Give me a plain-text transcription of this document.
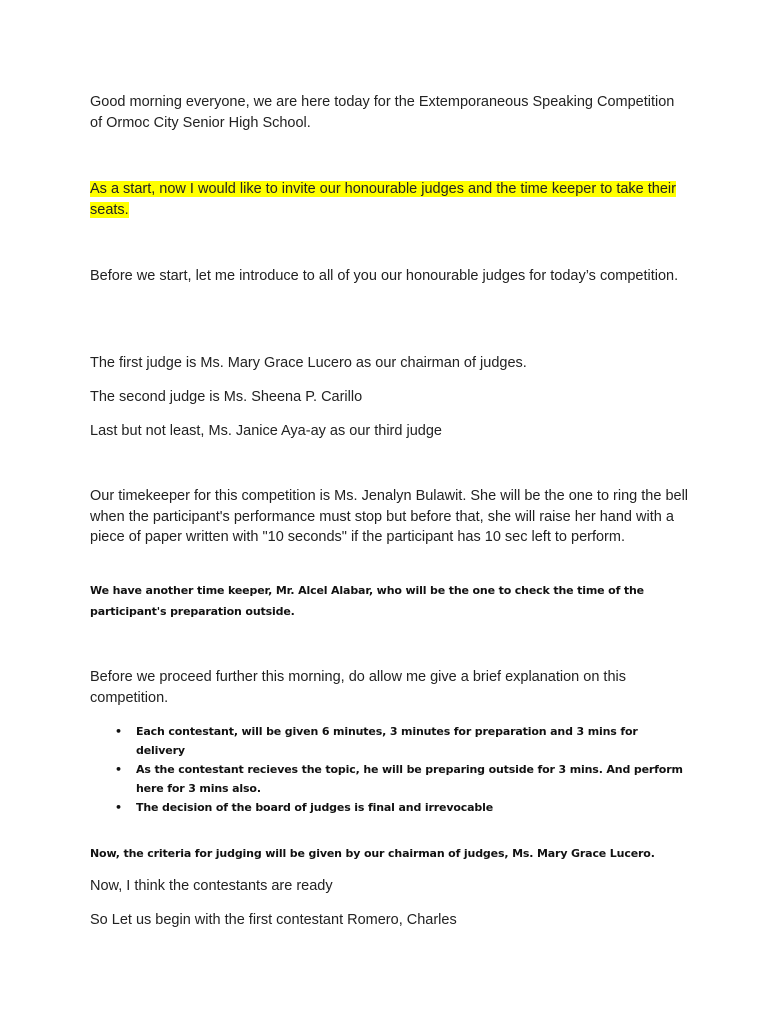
Good morning everyone, we are here today for the Extemporaneous Speaking Competition of Ormoc City Senior High School.

As a start, now I would like to invite our honourable judges and the time keeper to take their seats.

Before we start, let me introduce to all of you our honourable judges for today’s competition.

The first judge is Ms. Mary Grace Lucero as our chairman of judges.

The second judge is Ms. Sheena P. Carillo

Last but not least, Ms. Janice Aya-ay as our third judge

Our timekeeper for this competition is Ms. Jenalyn Bulawit. She will be the one to ring the bell when the participant's performance must stop but before that, she will raise her hand with a piece of paper written with "10 seconds" if the participant has 10 sec left to perform.

We have another time keeper, Mr. Alcel Alabar, who will be the one to check the time of the participant's preparation outside.

Before we proceed further this morning, do allow me give a brief explanation on this competition.

• Each contestant, will be given 6 minutes, 3 minutes for preparation and 3 mins for delivery
• As the contestant recieves the topic, he will be preparing outside for 3 mins. And perform here for 3 mins also.
• The decision of the board of judges is final and irrevocable

Now, the criteria for judging will be given by our chairman of judges, Ms. Mary Grace Lucero.

Now, I think the contestants are ready

So Let us begin with the first contestant Romero, Charles
